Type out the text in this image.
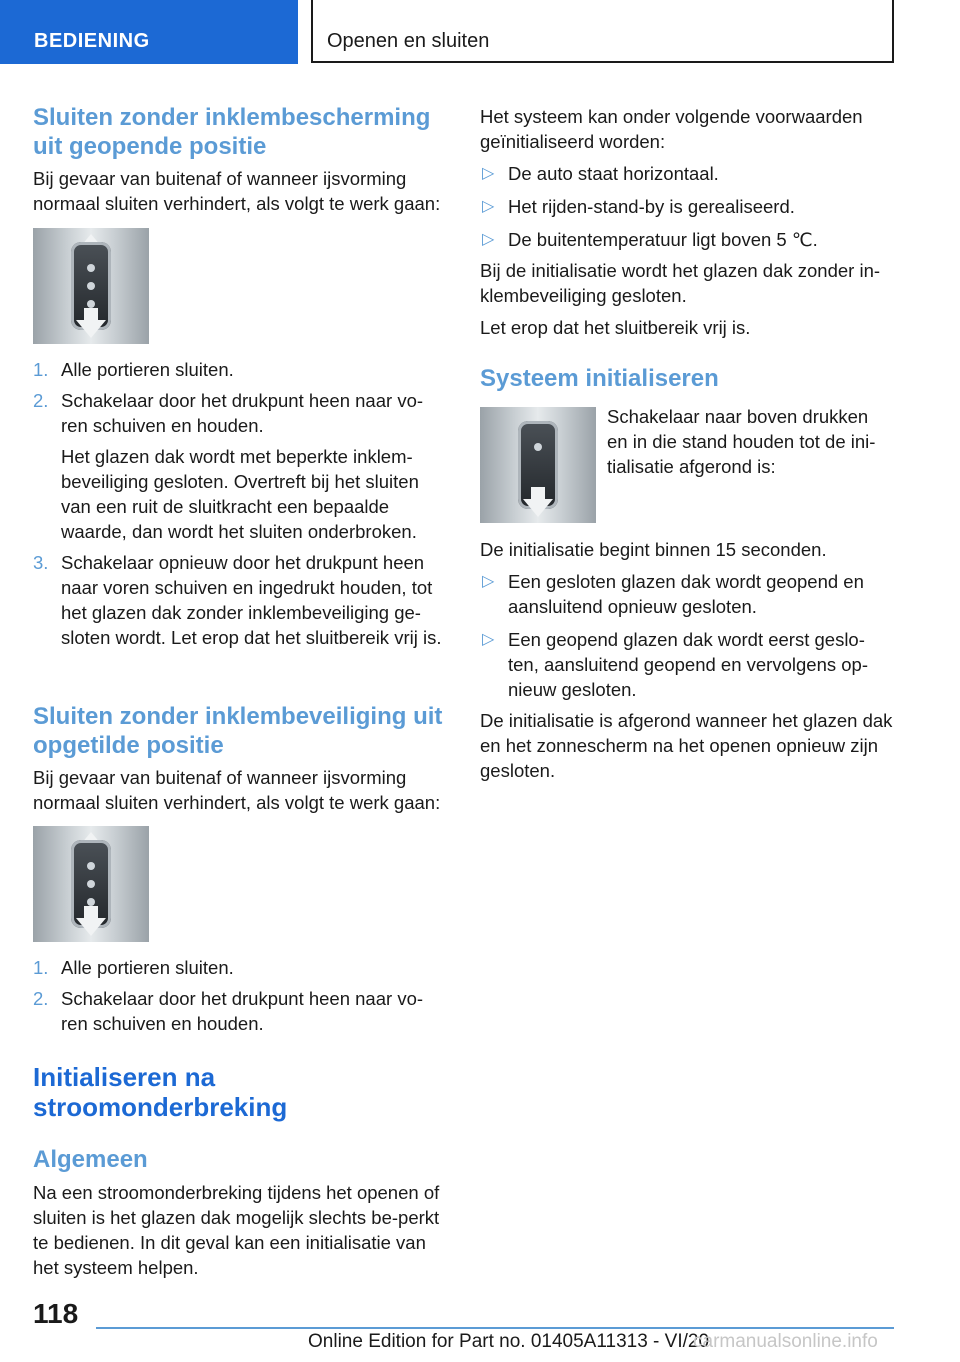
BEDIENING	Openen en sluiten
Sluiten zonder inklembescherming uit geopende positie

Bij gevaar van buitenaf of wanneer ijsvorming normaal sluiten verhindert, als volgt te werk gaan:

1. Alle portieren sluiten.
2. Schakelaar door het drukpunt heen naar vo-ren schuiven en houden.
Het glazen dak wordt met beperkte inklem-beveiliging gesloten. Overtreft bij het sluiten van een ruit de sluitkracht een bepaalde waarde, dan wordt het sluiten onderbroken.
3. Schakelaar opnieuw door het drukpunt heen naar voren schuiven en ingedrukt houden, tot het glazen dak zonder inklembeveiliging ge-sloten wordt. Let erop dat het sluitbereik vrij is.
Sluiten zonder inklembeveiliging uit opgetilde positie

Bij gevaar van buitenaf of wanneer ijsvorming normaal sluiten verhindert, als volgt te werk gaan:

1. Alle portieren sluiten.
2. Schakelaar door het drukpunt heen naar vo-ren schuiven en houden.
Initialiseren na stroomonderbreking
Algemeen

Na een stroomonderbreking tijdens het openen of sluiten is het glazen dak mogelijk slechts be-perkt te bedienen. In dit geval kan een initialisatie van het systeem helpen.

Het systeem kan onder volgende voorwaarden geïnitialiseerd worden:

▷ De auto staat horizontaal.
▷ Het rijden-stand-by is gerealiseerd.
▷ De buitentemperatuur ligt boven 5 ℃.

Bij de initialisatie wordt het glazen dak zonder in-klembeveiliging gesloten.

Let erop dat het sluitbereik vrij is.

Systeem initialiseren

Schakelaar naar boven drukken en in die stand houden tot de ini-tialisatie afgerond is:

De initialisatie begint binnen 15 seconden.

▷ Een gesloten glazen dak wordt geopend en aansluitend opnieuw gesloten.
▷ Een geopend glazen dak wordt eerst geslo-ten, aansluitend geopend en vervolgens op-nieuw gesloten.

De initialisatie is afgerond wanneer het glazen dak en het zonnescherm na het openen opnieuw zijn gesloten.

118
Online Edition for Part no. 01405A11313 - VI/20
carmanualsonline.info
